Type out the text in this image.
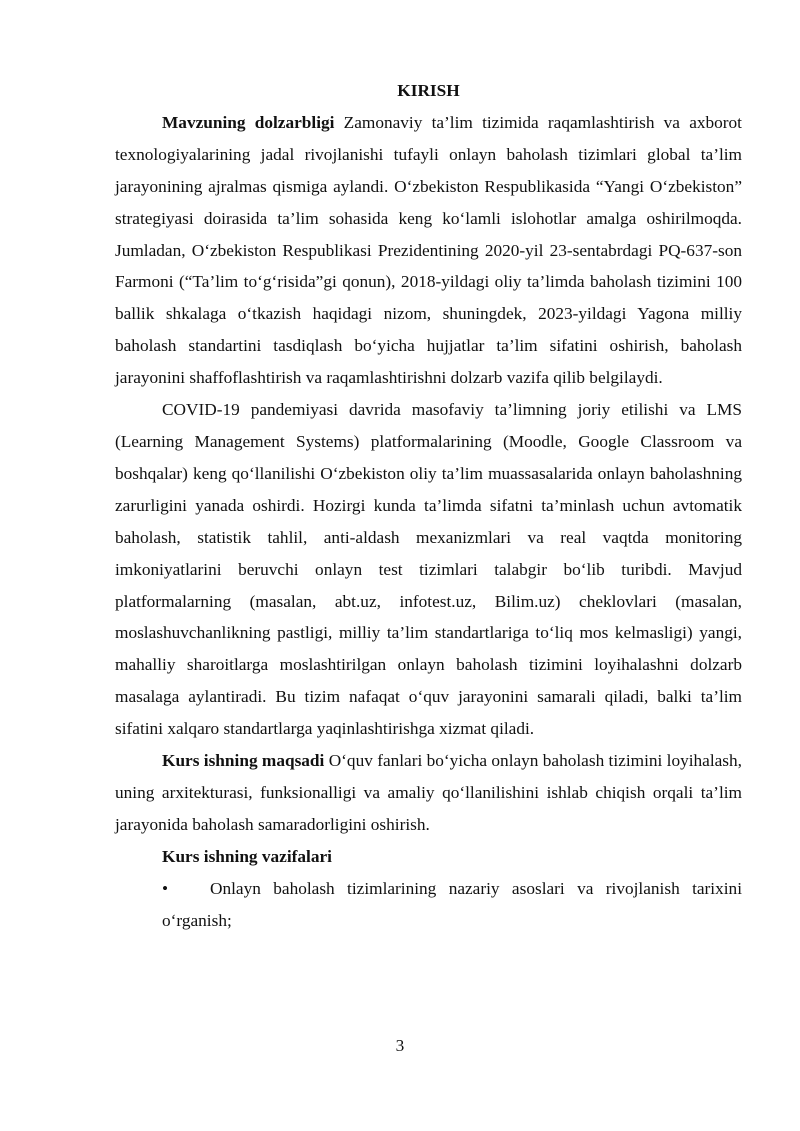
KIRISH

Mavzuning dolzarbligi Zamonaviy ta’lim tizimida raqamlashtirish va axborot texnologiyalarining jadal rivojlanishi tufayli onlayn baholash tizimlari global ta’lim jarayonining ajralmas qismiga aylandi. O‘zbekiston Respublikasida “Yangi O‘zbekiston” strategiyasi doirasida ta’lim sohasida keng ko‘lamli islohotlar amalga oshirilmoqda. Jumladan, O‘zbekiston Respublikasi Prezidentining 2020-yil 23-sentabrdagi PQ-637-son Farmoni (“Ta’lim to‘g‘risida”gi qonun), 2018-yildagi oliy ta’limda baholash tizimini 100 ballik shkalaga o‘tkazish haqidagi nizom, shuningdek, 2023-yildagi Yagona milliy baholash standartini tasdiqlash bo‘yicha hujjatlar ta’lim sifatini oshirish, baholash jarayonini shaffoflashtirish va raqamlashtirishni dolzarb vazifa qilib belgilaydi.

COVID-19 pandemiyasi davrida masofaviy ta’limning joriy etilishi va LMS (Learning Management Systems) platformalarining (Moodle, Google Classroom va boshqalar) keng qo‘llanilishi O‘zbekiston oliy ta’lim muassasalarida onlayn baholashning zarurligini yanada oshirdi. Hozirgi kunda ta’limda sifatni ta’minlash uchun avtomatik baholash, statistik tahlil, anti-aldash mexanizmlari va real vaqtda monitoring imkoniyatlarini beruvchi onlayn test tizimlari talabgir bo‘lib turibdi. Mavjud platformalarning (masalan, abt.uz, infotest.uz, Bilim.uz) cheklovlari (masalan, moslashuvchanlikning pastligi, milliy ta’lim standartlariga to‘liq mos kelmasligi) yangi, mahalliy sharoitlarga moslashtirilgan onlayn baholash tizimini loyihalashni dolzarb masalaga aylantiradi. Bu tizim nafaqat o‘quv jarayonini samarali qiladi, balki ta’lim sifatini xalqaro standartlarga yaqinlashtirishga xizmat qiladi.

Kurs ishning maqsadi O‘quv fanlari bo‘yicha onlayn baholash tizimini loyihalash, uning arxitekturasi, funksionalligi va amaliy qo‘llanilishini ishlab chiqish orqali ta’lim jarayonida baholash samaradorligini oshirish.

Kurs ishning vazifalari

• Onlayn baholash tizimlarining nazariy asoslari va rivojlanish tarixini
o‘rganish;
3
